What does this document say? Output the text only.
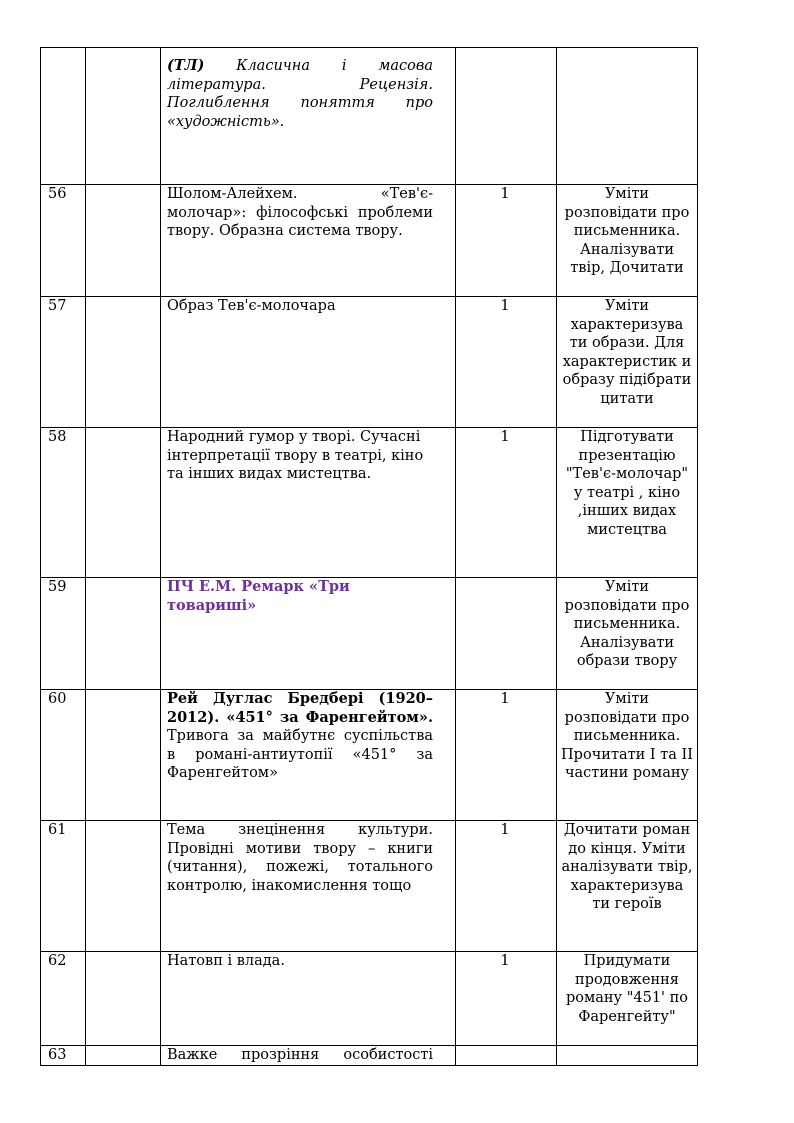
		(ТЛ) Класична і масова література. Рецензія. Поглиблення поняття про «художність».		

56		Шолом-Алейхем. «Тев'є-молочар»: філософські проблеми твору. Образна система твору.	1	Уміти розповідати про письменника. Аналізувати твір, Дочитати

57		Образ Тев'є-молочара	1	Уміти характеризува ти образи. Для характеристик и образу підібрати цитати

58		Народний гумор у творі. Сучасні інтерпретації твору в театрі, кіно та інших видах мистецтва.	1	Підготувати презентацію "Тев'є-молочар" у театрі , кіно ,інших видах мистецтва

59		ПЧ Е.М. Ремарк «Три товариші»		Уміти розповідати про письменника. Аналізувати образи твору

60		Рей Дуглас Бредбері (1920–2012). «451° за Фаренгейтом». Тривога за майбутнє суспільства в романі-антиутопії «451° за Фаренгейтом»	1	Уміти розповідати про письменника. Прочитати І та ІІ частини роману

61		Тема знецінення культури. Провідні мотиви твору – книги (читання), пожежі, тотального контролю, інакомислення тощо	1	Дочитати роман до кінця. Уміти аналізувати твір, характеризува ти героїв

62		Натовп і влада.	1	Придумати продовження роману "451' по Фаренгейту"

63		Важке прозріння особистості		
